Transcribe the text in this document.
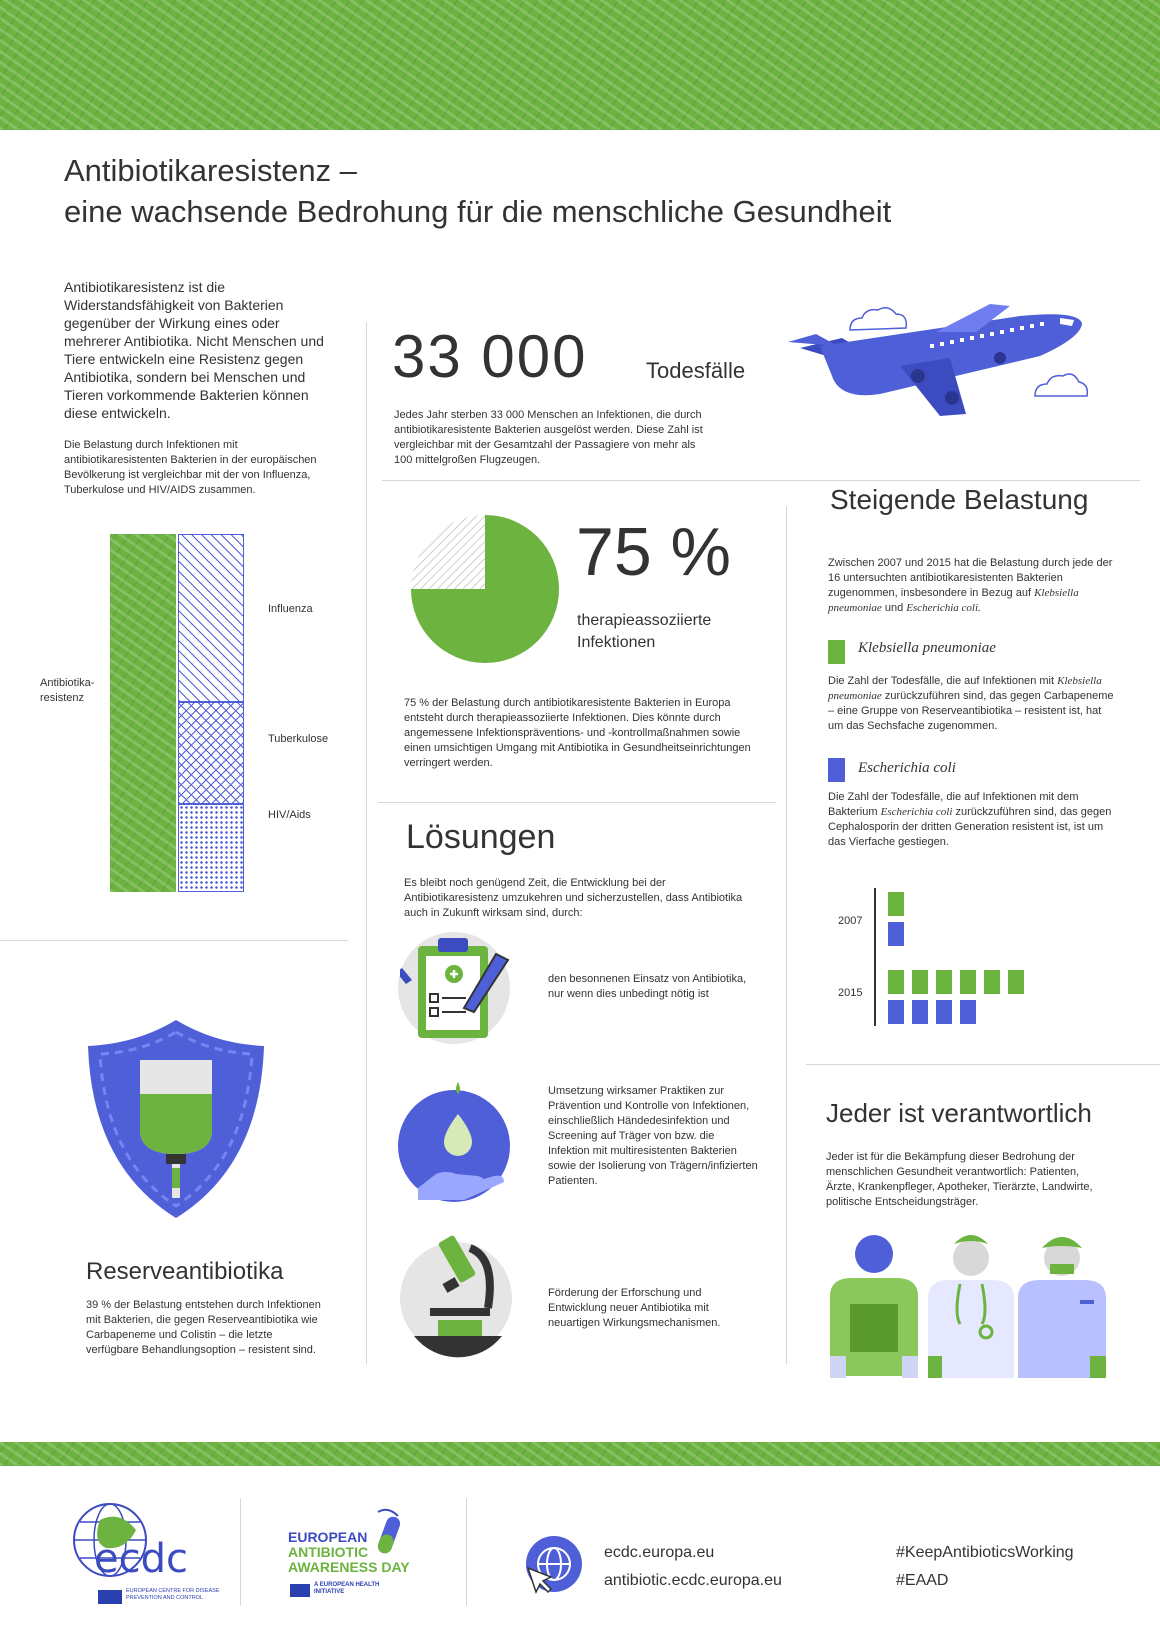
Antibiotikaresistenz –
eine wachsende Bedrohung für die menschliche Gesundheit
Antibiotikaresistenz ist die Widerstandsfähigkeit von Bakterien gegenüber der Wirkung eines oder mehrerer Antibiotika. Nicht Menschen und Tiere entwickeln eine Resistenz gegen Antibiotika, sondern bei Menschen und Tieren vorkommende Bakterien können diese entwickeln.
Die Belastung durch Infektionen mit antibiotikaresistenten Bakterien in der europäischen Bevölkerung ist vergleichbar mit der von Influenza, Tuberkulose und HIV/AIDS zusammen.
Antibiotika-
resistenz
Influenza
Tuberkulose
HIV/Aids
33 000	Todesfälle
Jedes Jahr sterben 33 000 Menschen an Infektionen, die durch antibiotikaresistente Bakterien ausgelöst werden. Diese Zahl ist vergleichbar mit der Gesamtzahl der Passagiere von mehr als 100 mittelgroßen Flugzeugen.
75 %
therapieassoziierte Infektionen
75 % der Belastung durch antibiotikaresistente Bakterien in Europa entsteht durch therapieassoziierte Infektionen. Dies könnte durch angemessene Infektionspräventions- und -kontrollmaßnahmen sowie einen umsichtigen Umgang mit Antibiotika in Gesundheitseinrichtungen verringert werden.
Lösungen
Es bleibt noch genügend Zeit, die Entwicklung bei der Antibiotikaresistenz umzukehren und sicherzustellen, dass Antibiotika auch in Zukunft wirksam sind, durch:
den besonnenen Einsatz von Antibiotika, nur wenn dies unbedingt nötig ist
Umsetzung wirksamer Praktiken zur Prävention und Kontrolle von Infektionen, einschließlich Händedesinfektion und Screening auf Träger von bzw. die Infektion mit multiresistenten Bakterien sowie der Isolierung von Trägern/infizierten Patienten.
Förderung der Erforschung und Entwicklung neuer Antibiotika mit neuartigen Wirkungsmechanismen.
Reserveantibiotika
39 % der Belastung entstehen durch Infektionen mit Bakterien, die gegen Reserveantibiotika wie Carbapeneme und Colistin – die letzte verfügbare Behandlungsoption – resistent sind.
Steigende Belastung
Zwischen 2007 und 2015 hat die Belastung durch jede der 16 untersuchten antibiotikaresistenten Bakterien zugenommen, insbesondere in Bezug auf Klebsiella pneumoniae und Escherichia coli.
Klebsiella pneumoniae
Die Zahl der Todesfälle, die auf Infektionen mit Klebsiella pneumoniae zurückzuführen sind, das gegen Carbapeneme – eine Gruppe von Reserveantibiotika – resistent ist, hat um das Sechsfache zugenommen.
Escherichia coli
Die Zahl der Todesfälle, die auf Infektionen mit dem Bakterium Escherichia coli zurückzuführen sind, das gegen Cephalosporin der dritten Generation resistent ist, ist um das Vierfache gestiegen.
2007
2015
Jeder ist verantwortlich
Jeder ist für die Bekämpfung dieser Bedrohung der menschlichen Gesundheit verantwortlich: Patienten, Ärzte, Krankenpfleger, Apotheker, Tierärzte, Landwirte, politische Entscheidungsträger.
ecdc
EUROPEAN CENTRE FOR DISEASE PREVENTION AND CONTROL
EUROPEAN
ANTIBIOTIC
AWARENESS DAY
A EUROPEAN HEALTH INITIATIVE
ecdc.europa.eu
antibiotic.ecdc.europa.eu
#KeepAntibioticsWorking
#EAAD
